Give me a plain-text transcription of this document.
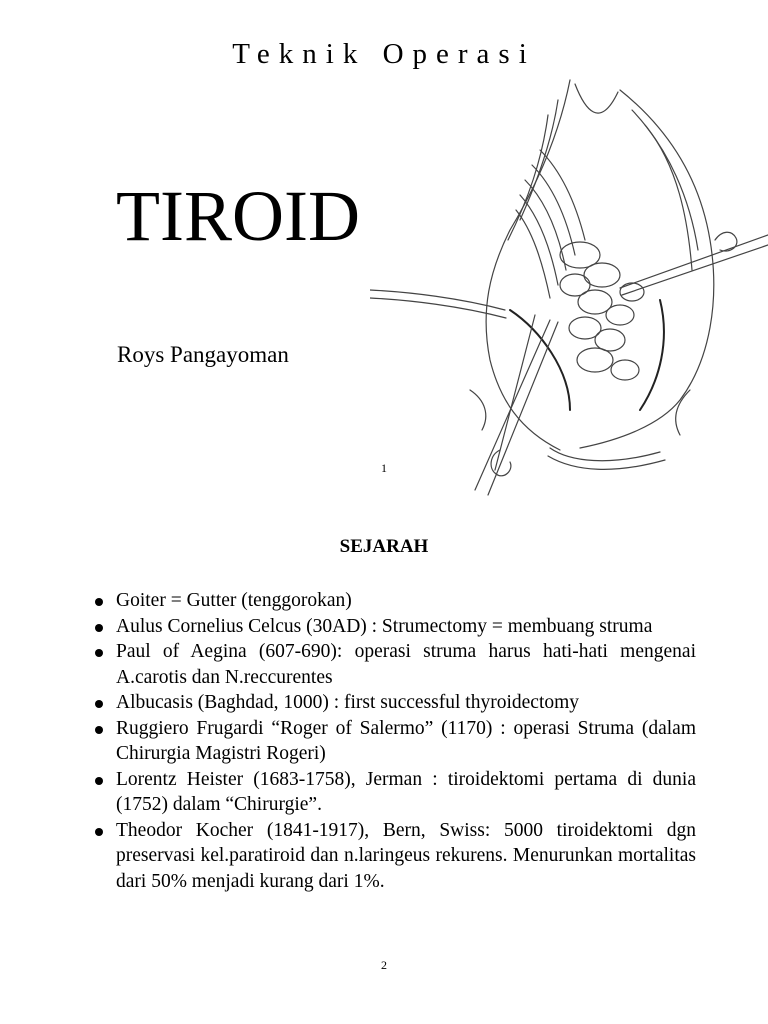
Teknik Operasi
TIROID
Roys Pangayoman
1
SEJARAH
Goiter = Gutter (tenggorokan)
Aulus Cornelius Celcus (30AD) : Strumectomy = membuang struma
Paul of Aegina (607-690): operasi struma harus hati-hati mengenai A.carotis dan N.reccurentes
Albucasis (Baghdad, 1000) : first successful thyroidectomy
Ruggiero Frugardi “Roger of Salermo” (1170) : operasi Struma (dalam Chirurgia Magistri Rogeri)
Lorentz Heister (1683-1758), Jerman : tiroidektomi pertama di dunia (1752) dalam “Chirurgie”.
Theodor Kocher (1841-1917), Bern, Swiss: 5000 tiroidektomi dgn preservasi kel.paratiroid dan n.laringeus rekurens. Menurunkan mortalitas dari 50% menjadi kurang dari 1%.
2
